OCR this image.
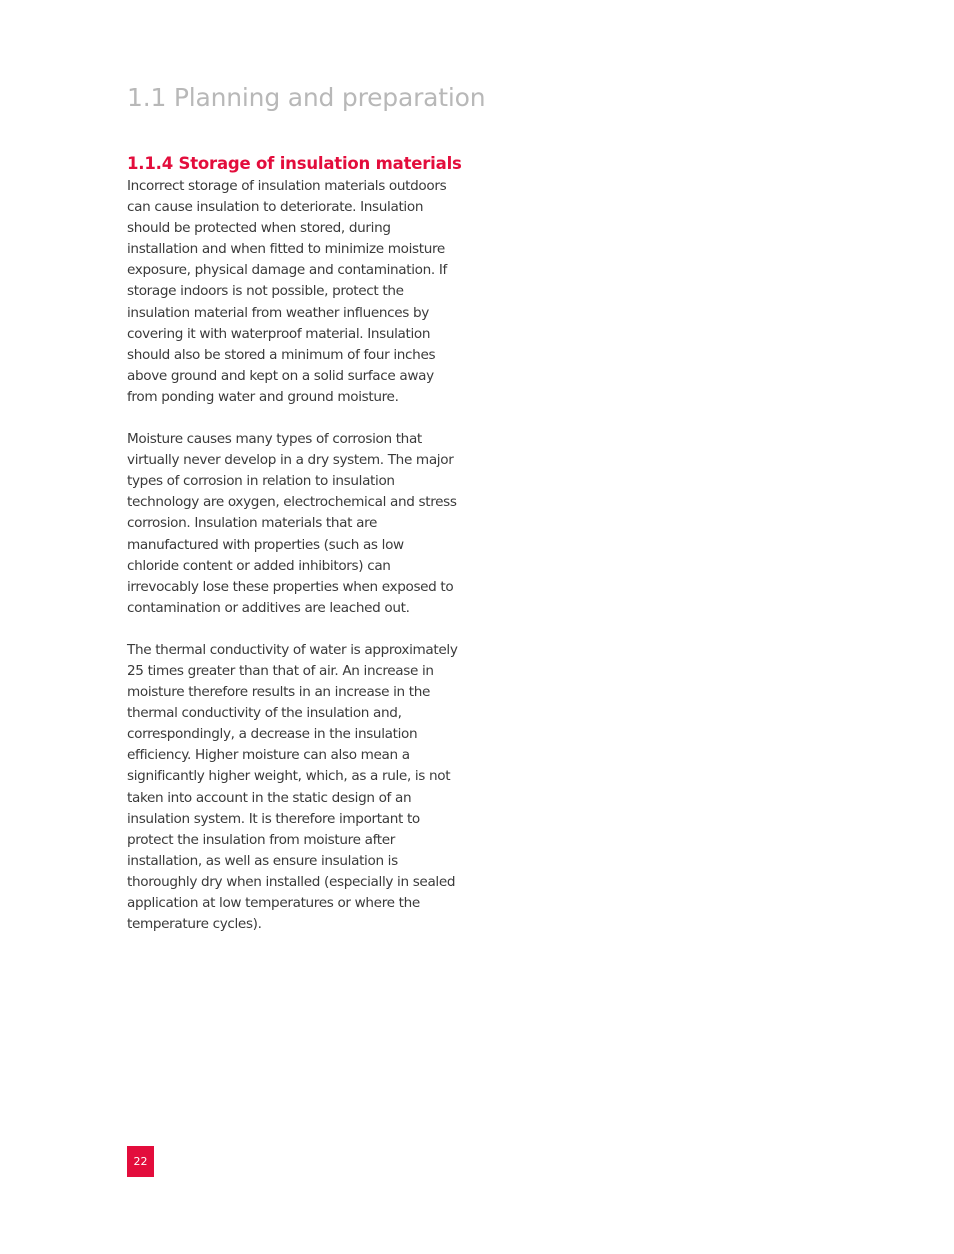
1.1 Planning and preparation
1.1.4 Storage of insulation materials

Incorrect storage of insulation materials outdoors
can cause insulation to deteriorate. Insulation
should be protected when stored, during
installation and when fitted to minimize moisture
exposure, physical damage and contamination. If
storage indoors is not possible, protect the
insulation material from weather influences by
covering it with waterproof material. Insulation
should also be stored a minimum of four inches
above ground and kept on a solid surface away
from ponding water and ground moisture.

Moisture causes many types of corrosion that
virtually never develop in a dry system. The major
types of corrosion in relation to insulation
technology are oxygen, electrochemical and stress
corrosion. Insulation materials that are
manufactured with properties (such as low
chloride content or added inhibitors) can
irrevocably lose these properties when exposed to
contamination or additives are leached out.

The thermal conductivity of water is approximately
25 times greater than that of air. An increase in
moisture therefore results in an increase in the
thermal conductivity of the insulation and,
correspondingly, a decrease in the insulation
efficiency. Higher moisture can also mean a
significantly higher weight, which, as a rule, is not
taken into account in the static design of an
insulation system. It is therefore important to
protect the insulation from moisture after
installation, as well as ensure insulation is
thoroughly dry when installed (especially in sealed
application at low temperatures or where the
temperature cycles).

22
